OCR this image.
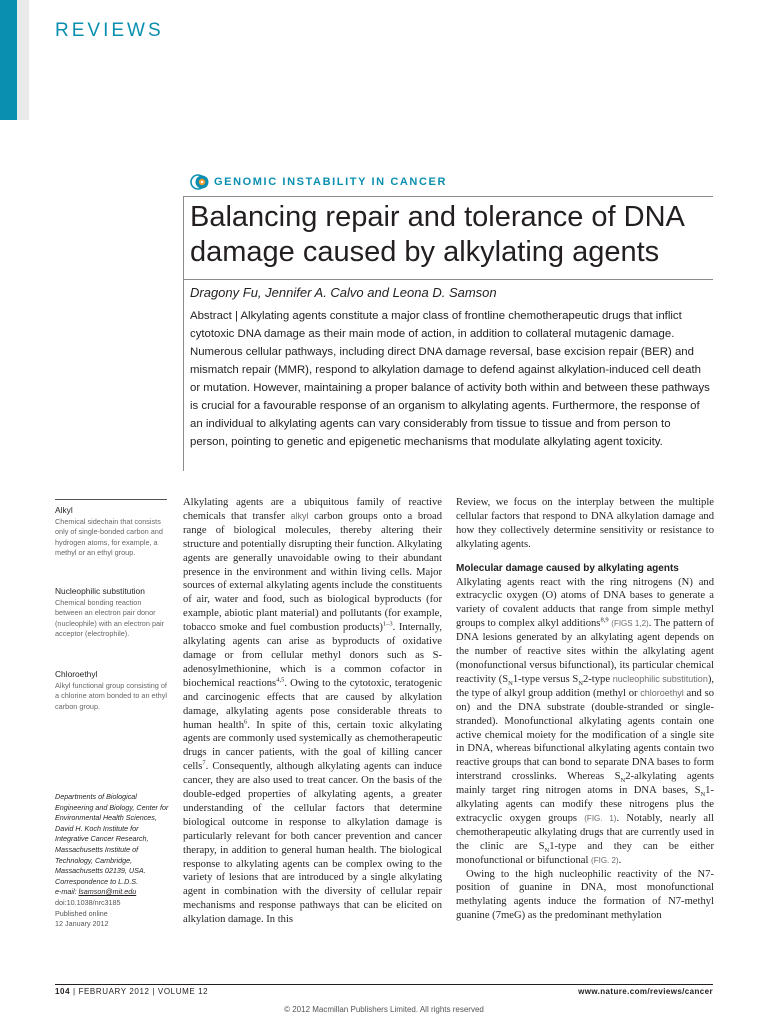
REVIEWS
GENOMIC INSTABILITY IN CANCER
Balancing repair and tolerance of DNA damage caused by alkylating agents
Dragony Fu, Jennifer A. Calvo and Leona D. Samson

Abstract | Alkylating agents constitute a major class of frontline chemotherapeutic drugs that inflict cytotoxic DNA damage as their main mode of action, in addition to collateral mutagenic damage. Numerous cellular pathways, including direct DNA damage reversal, base excision repair (BER) and mismatch repair (MMR), respond to alkylation damage to defend against alkylation-induced cell death or mutation. However, maintaining a proper balance of activity both within and between these pathways is crucial for a favourable response of an organism to alkylating agents. Furthermore, the response of an individual to alkylating agents can vary considerably from tissue to tissue and from person to person, pointing to genetic and epigenetic mechanisms that modulate alkylating agent toxicity.

Alkyl
Chemical sidechain that consists only of single-bonded carbon and hydrogen atoms, for example, a methyl or an ethyl group.
Nucleophilic substitution
Chemical bonding reaction between an electron pair donor (nucleophile) with an electron pair acceptor (electrophile).
Chloroethyl
Alkyl functional group consisting of a chlorine atom bonded to an ethyl carbon group.
Departments of Biological Engineering and Biology, Center for Environmental Health Sciences, David H. Koch Institute for Integrative Cancer Research, Massachusetts Institute of Technology, Cambridge, Massachusetts 02139, USA. Correspondence to L.D.S.
e-mail: lsamson@mit.edu
doi:10.1038/nrc3185
Published online
12 January 2012

Alkylating agents are a ubiquitous family of reactive chemicals that transfer alkyl carbon groups onto a broad range of biological molecules, thereby altering their structure and potentially disrupting their function. Alkylating agents are generally unavoidable owing to their abundant presence in the environment and within living cells. Major sources of external alkylating agents include the constituents of air, water and food, such as biological byproducts (for example, abiotic plant material) and pollutants (for example, tobacco smoke and fuel combustion products)$^{1-3}$. Internally, alkylating agents can arise as byproducts of oxidative damage or from cellular methyl donors such as S-adenosylmethionine, which is a common cofactor in biochemical reactions$^{4,5}$. Owing to the cytotoxic, teratogenic and carcinogenic effects that are caused by alkylation damage, alkylating agents pose considerable threats to human health$^6$. In spite of this, certain toxic alkylating agents are commonly used systemically as chemotherapeutic drugs in cancer patients, with the goal of killing cancer cells$^7$. Consequently, although alkylating agents can induce cancer, they are also used to treat cancer. On the basis of the double-edged properties of alkylating agents, a greater understanding of the cellular factors that determine biological outcome in response to alkylation damage is particularly relevant for both cancer prevention and cancer therapy, in addition to general human health. The biological response to alkylating agents can be complex owing to the variety of lesions that are introduced by a single alkylating agent in combination with the diversity of cellular repair mechanisms and response pathways that can be elicited on alkylation damage. In this

Review, we focus on the interplay between the multiple cellular factors that respond to DNA alkylation damage and how they collectively determine sensitivity or resistance to alkylating agents.

Molecular damage caused by alkylating agents

Alkylating agents react with the ring nitrogens (N) and extracyclic oxygen (O) atoms of DNA bases to generate a variety of covalent adducts that range from simple methyl groups to complex alkyl additions$^{8,9}$ (FIGS 1,2). The pattern of DNA lesions generated by an alkylating agent depends on the number of reactive sites within the alkylating agent (monofunctional versus bifunctional), its particular chemical reactivity ($S_N1$-type versus $S_N2$-type nucleophilic substitution), the type of alkyl group addition (methyl or chloroethyl and so on) and the DNA substrate (double-stranded or single-stranded). Monofunctional alkylating agents contain one active chemical moiety for the modification of a single site in DNA, whereas bifunctional alkylating agents contain two reactive groups that can bond to separate DNA bases to form interstrand crosslinks. Whereas $S_N2$-alkylating agents mainly target ring nitrogen atoms in DNA bases, $S_N1$-alkylating agents can modify these nitrogens plus the extracyclic oxygen groups (FIG. 1). Notably, nearly all chemotherapeutic alkylating drugs that are currently used in the clinic are $S_N1$-type and they can be either monofunctional or bifunctional (FIG. 2).

Owing to the high nucleophilic reactivity of the N7-position of guanine in DNA, most monofunctional methylating agents induce the formation of N7-methyl guanine (7meG) as the predominant methylation

104 | FEBRUARY 2012 | VOLUME 12	www.nature.com/reviews/cancer
© 2012 Macmillan Publishers Limited. All rights reserved
